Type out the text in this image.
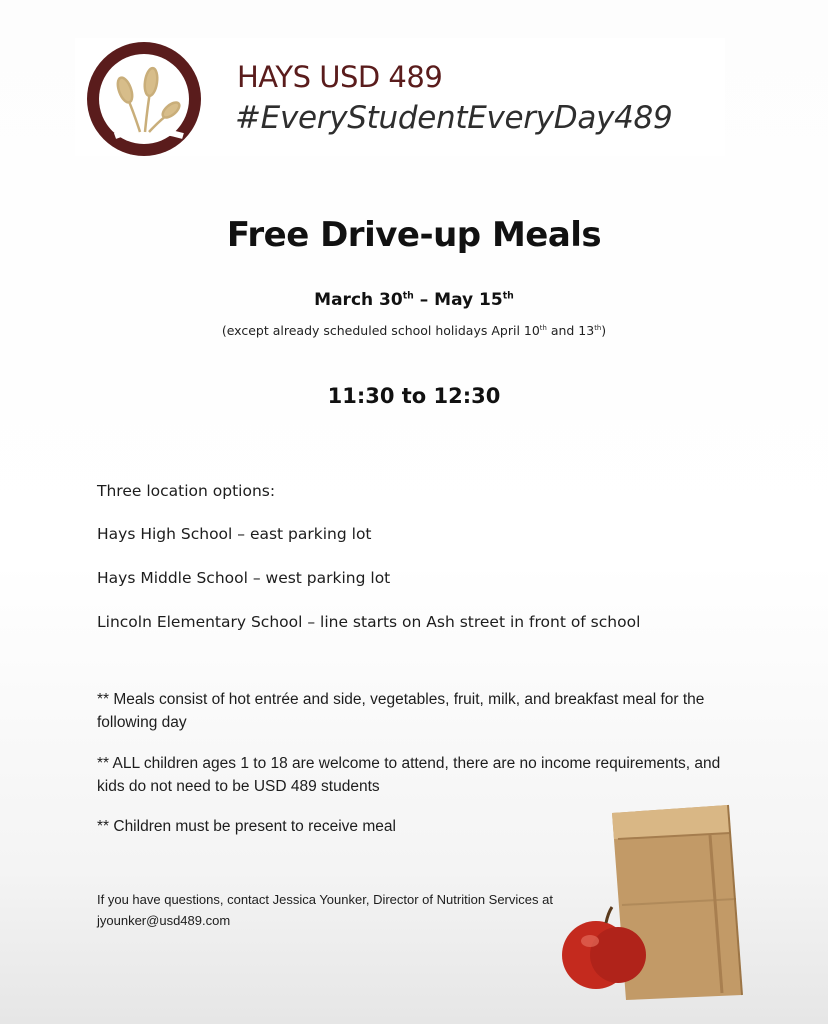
HAYS USD 489
#EveryStudentEveryDay489
Free Drive-up Meals
March 30th – May 15th
(except already scheduled school holidays April 10th and 13th)
11:30 to 12:30
Three location options:
Hays High School – east parking lot
Hays Middle School – west parking lot
Lincoln Elementary School – line starts on Ash street in front of school
** Meals consist of hot entrée and side, vegetables, fruit, milk, and breakfast meal for the following day
** ALL children ages 1 to 18 are welcome to attend, there are no income requirements, and kids do not need to be USD 489 students
** Children must be present to receive meal
If you have questions, contact Jessica Younker, Director of Nutrition Services at jyounker@usd489.com
